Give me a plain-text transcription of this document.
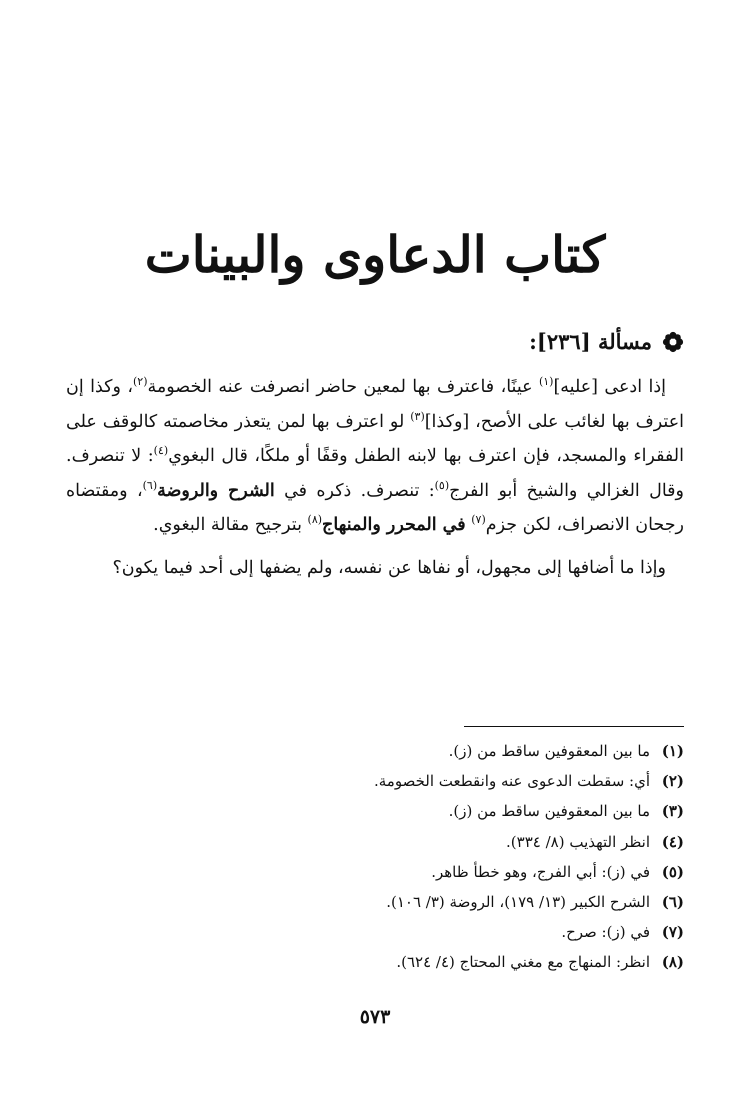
كتاب الدعاوى والبينات
مسألة [٢٣٦]:

إذا ادعى [عليه]$^{(١)}$ عينًا، فاعترف بها لمعين حاضر انصرفت عنه الخصومة$^{(٢)}$، وكذا إن اعترف بها لغائب على الأصح، [وكذا]$^{(٣)}$ لو اعترف بها لمن يتعذر مخاصمته كالوقف على الفقراء والمسجد، فإن اعترف بها لابنه الطفل وقفًا أو ملكًا، قال البغوي$^{(٤)}$: لا تنصرف. وقال الغزالي والشيخ أبو الفرج$^{(٥)}$: تنصرف. ذكره في الشرح والروضة$^{(٦)}$، ومقتضاه رجحان الانصراف، لكن جزم$^{(٧)}$ في المحرر والمنهاج$^{(٨)}$ بترجيح مقالة البغوي.

وإذا ما أضافها إلى مجهول، أو نفاها عن نفسه، ولم يضفها إلى أحد فيما يكون؟

(١)
ما بين المعقوفين ساقط من (ز).
(٢)
أي: سقطت الدعوى عنه وانقطعت الخصومة.
(٣)
ما بين المعقوفين ساقط من (ز).
(٤)
انظر التهذيب (٨/ ٣٣٤).
(٥)
في (ز): أبي الفرج، وهو خطأ ظاهر.
(٦)
الشرح الكبير (١٣/ ١٧٩)، الروضة (٣/ ١٠٦).
(٧)
في (ز): صرح.
(٨)
انظر: المنهاج مع مغني المحتاج (٤/ ٦٢٤).
٥٧٣
